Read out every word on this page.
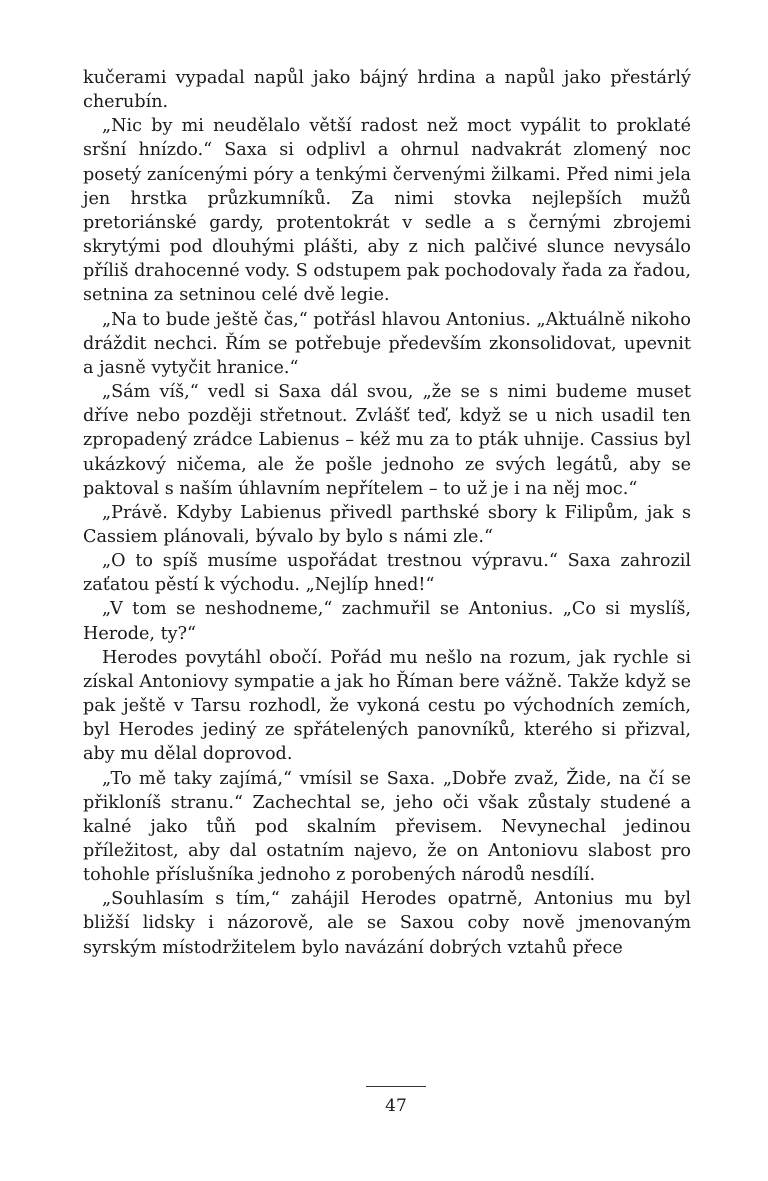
kučerami vypadal napůl jako bájný hrdina a napůl jako přestárlý cherubín.

„Nic by mi neudělalo větší radost než moct vypálit to proklaté sršní hnízdo.“ Saxa si odplivl a ohrnul nadvakrát zlomený noc posetý zanícenými póry a tenkými červenými žilkami. Před nimi jela jen hrstka průzkumníků. Za nimi stovka nejlepších mužů pretoriánské gardy, protentokrát v sedle a s černými zbrojemi skrytými pod dlouhými plášti, aby z nich palčivé slunce nevysálo příliš drahocenné vody. S odstupem pak pochodovaly řada za řadou, setnina za setninou celé dvě legie.

„Na to bude ještě čas,“ potřásl hlavou Antonius. „Aktuálně nikoho dráždit nechci. Řím se potřebuje především zkonsolidovat, upevnit a jasně vytyčit hranice.“

„Sám víš,“ vedl si Saxa dál svou, „že se s nimi budeme muset dříve nebo později střetnout. Zvlášť teď, když se u nich usadil ten zpropadený zrádce Labienus – kéž mu za to pták uhnije. Cassius byl ukázkový ničema, ale že pošle jednoho ze svých legátů, aby se paktoval s naším úhlavním nepřítelem – to už je i na něj moc.“

„Právě. Kdyby Labienus přivedl parthské sbory k Filipům, jak s Cassiem plánovali, bývalo by bylo s námi zle.“

„O to spíš musíme uspořádat trestnou výpravu.“ Saxa zahrozil zaťatou pěstí k východu. „Nejlíp hned!“

„V tom se neshodneme,“ zachmuřil se Antonius. „Co si myslíš, Herode, ty?“

Herodes povytáhl obočí. Pořád mu nešlo na rozum, jak rychle si získal Antoniovy sympatie a jak ho Říman bere vážně. Takže když se pak ještě v Tarsu rozhodl, že vykoná cestu po východních zemích, byl Herodes jediný ze spřátelených panovníků, kterého si přizval, aby mu dělal doprovod.

„To mě taky zajímá,“ vmísil se Saxa. „Dobře zvaž, Žide, na čí se přikloníš stranu.“ Zachechtal se, jeho oči však zůstaly studené a kalné jako tůň pod skalním převisem. Nevynechal jedinou příležitost, aby dal ostatním najevo, že on Antoniovu slabost pro tohohle příslušníka jednoho z porobených národů nesdílí.

„Souhlasím s tím,“ zahájil Herodes opatrně, Antonius mu byl bližší lidsky i názorově, ale se Saxou coby nově jmenovaným syrským místodržitelem bylo navázání dobrých vztahů přece

47
